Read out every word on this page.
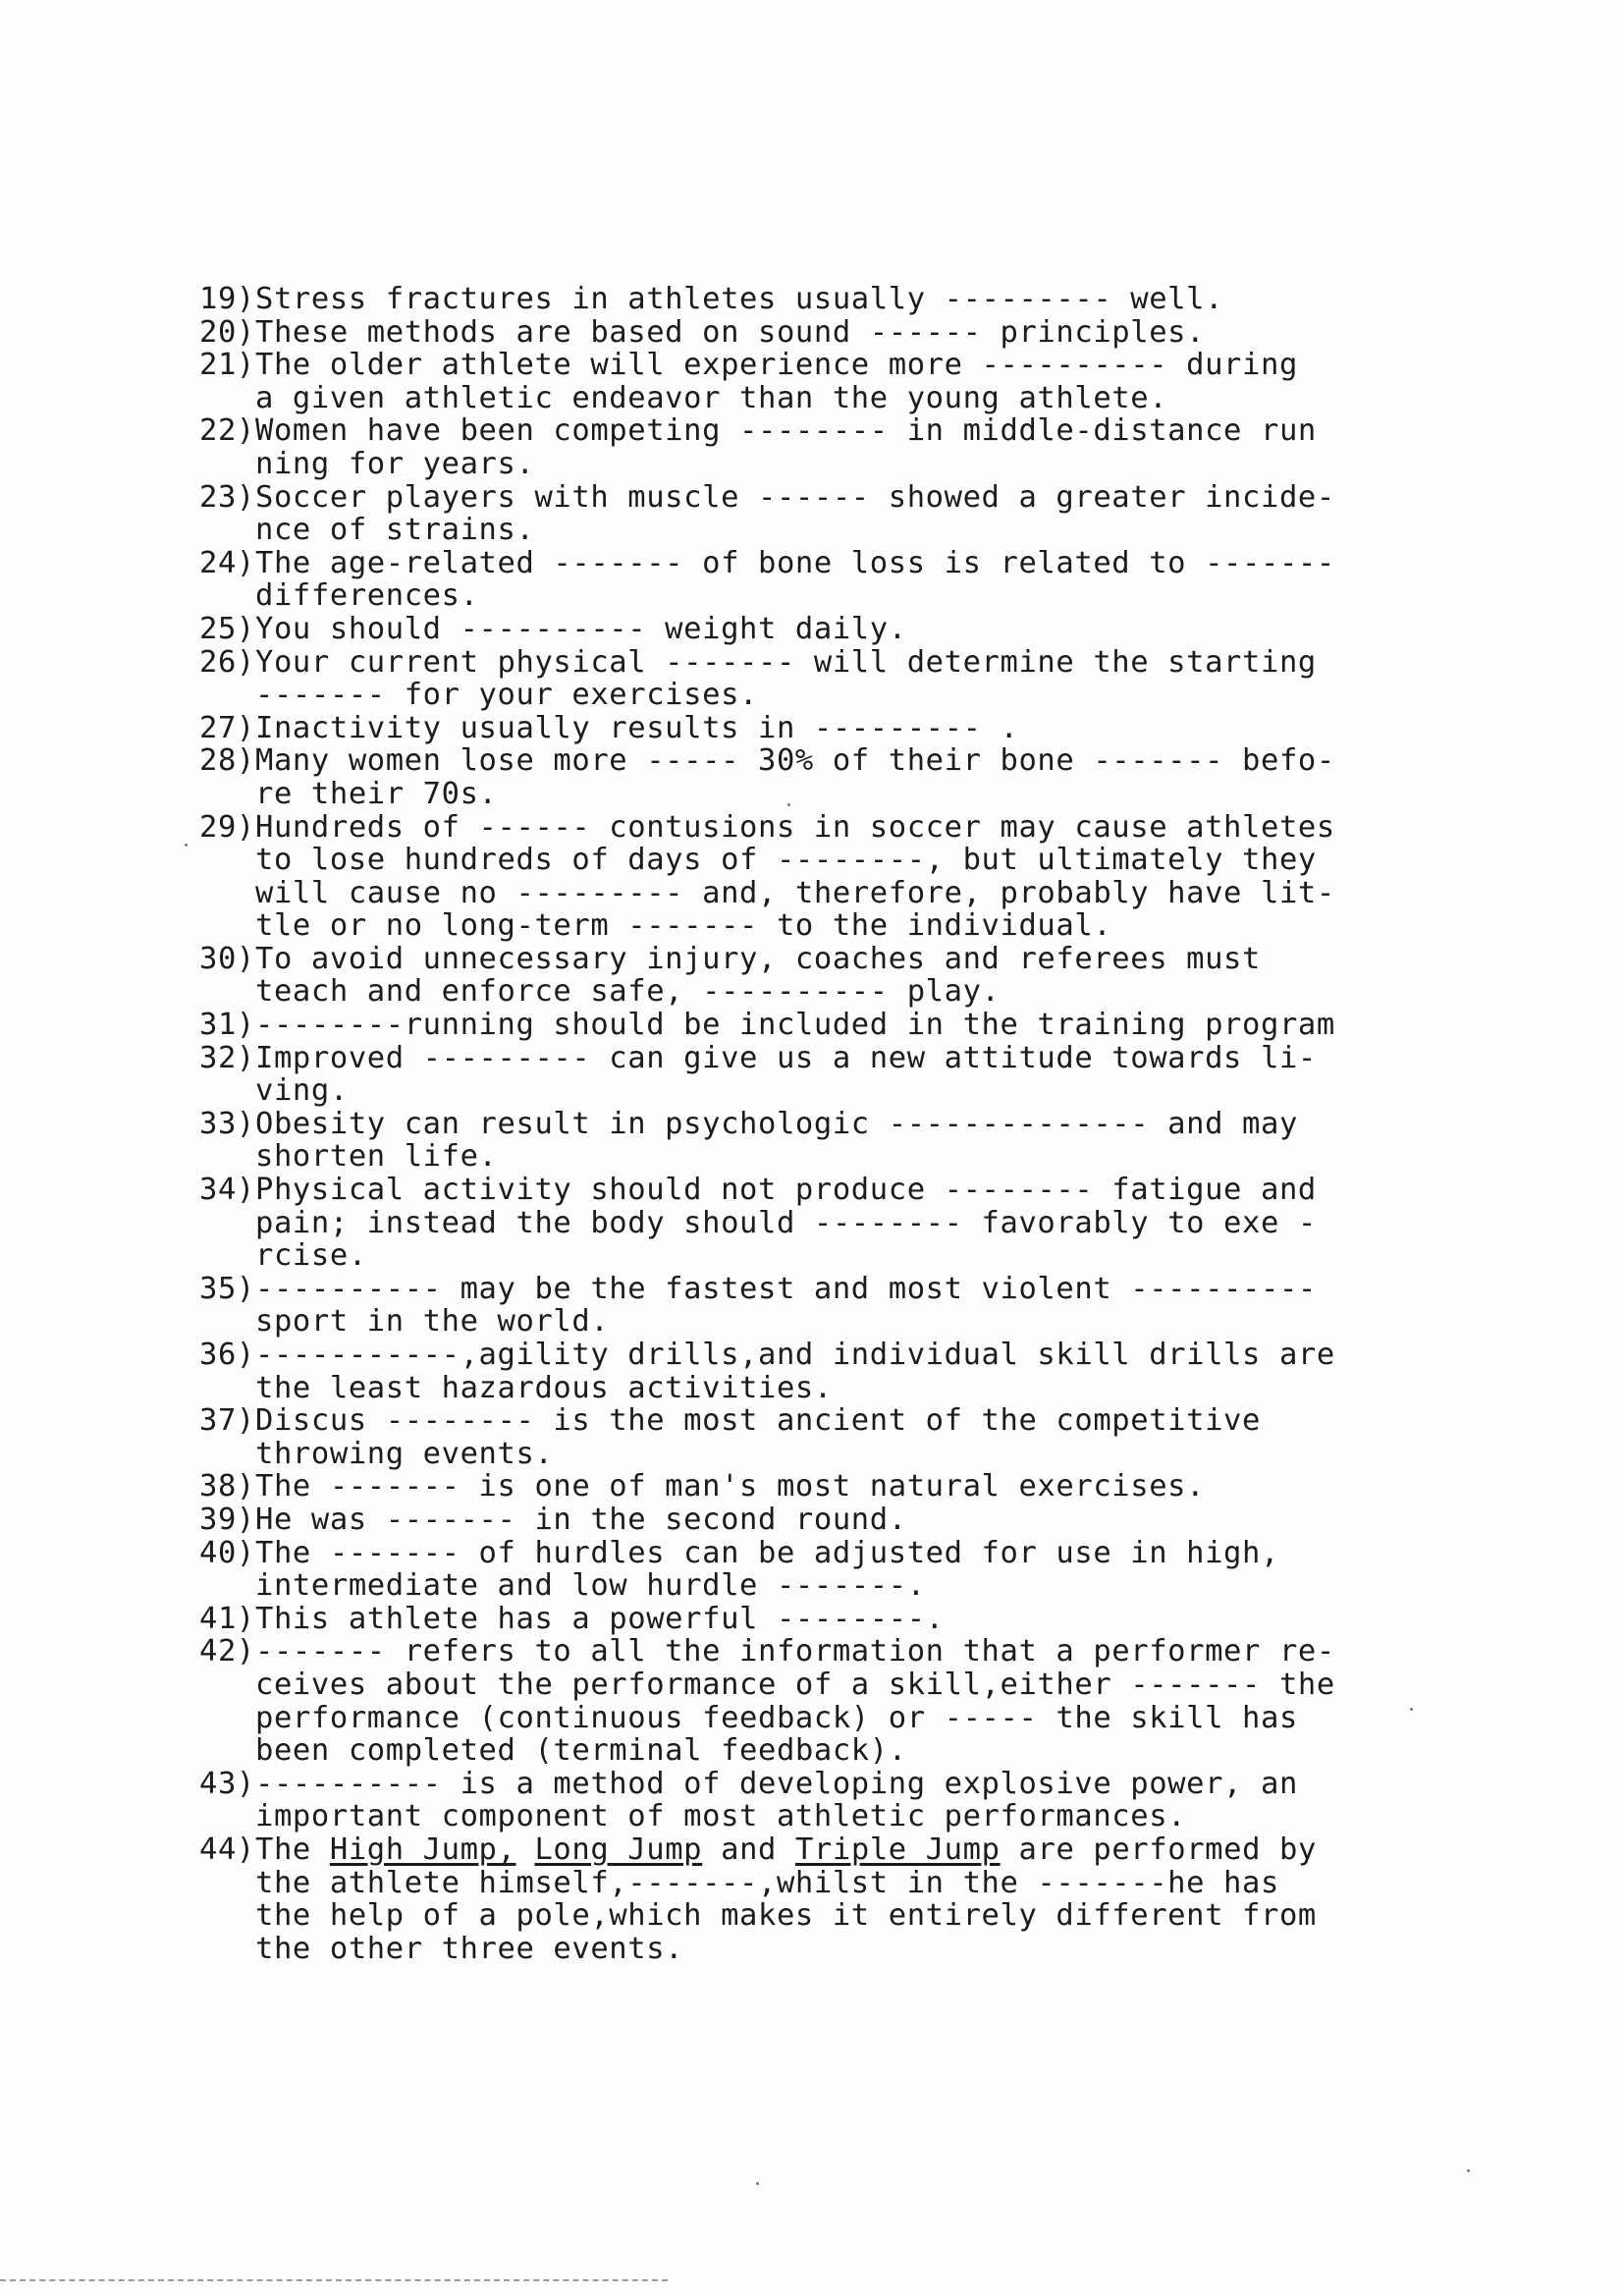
19) Stress fractures in athletes usually --------- well.
20) These methods are based on sound ------ principles.
21) The older athlete will experience more ---------- during
a given athletic endeavor than the young athlete.
22) Women have been competing -------- in middle-distance run
ning for years.
23) Soccer players with muscle ------ showed a greater incide-
nce of strains.
24) The age-related ------- of bone loss is related to -------
differences.
25) You should ---------- weight daily.
26) Your current physical ------- will determine the starting
------- for your exercises.
27) Inactivity usually results in --------- .
28) Many women lose more ----- 30% of their bone ------- befo-
re their 70s.
29) Hundreds of ------ contusions in soccer may cause athletes
to lose hundreds of days of --------, but ultimately they
will cause no --------- and, therefore, probably have lit-
tle or no long-term ------- to the individual.
30) To avoid unnecessary injury, coaches and referees must
teach and enforce safe, ---------- play.
31) --------running should be included in the training program
32) Improved --------- can give us a new attitude towards li-
ving.
33) Obesity can result in psychologic -------------- and may
shorten life.
34) Physical activity should not produce -------- fatigue and
pain; instead the body should -------- favorably to exe -
rcise.
35) ---------- may be the fastest and most violent ----------
sport in the world.
36) -----------,agility drills,and individual skill drills are
the least hazardous activities.
37) Discus -------- is the most ancient of the competitive
throwing events.
38) The ------- is one of man's most natural exercises.
39) He was ------- in the second round.
40) The ------- of hurdles can be adjusted for use in high,
intermediate and low hurdle -------.
41) This athlete has a powerful --------.
42) ------- refers to all the information that a performer re-
ceives about the performance of a skill,either ------- the
performance (continuous feedback) or ----- the skill has
been completed (terminal feedback).
43) ---------- is a method of developing explosive power, an
important component of most athletic performances.
44) The High Jump, Long Jump and Triple Jump are performed by
the athlete himself,-------,whilst in the -------he has
the help of a pole,which makes it entirely different from
the other three events.
